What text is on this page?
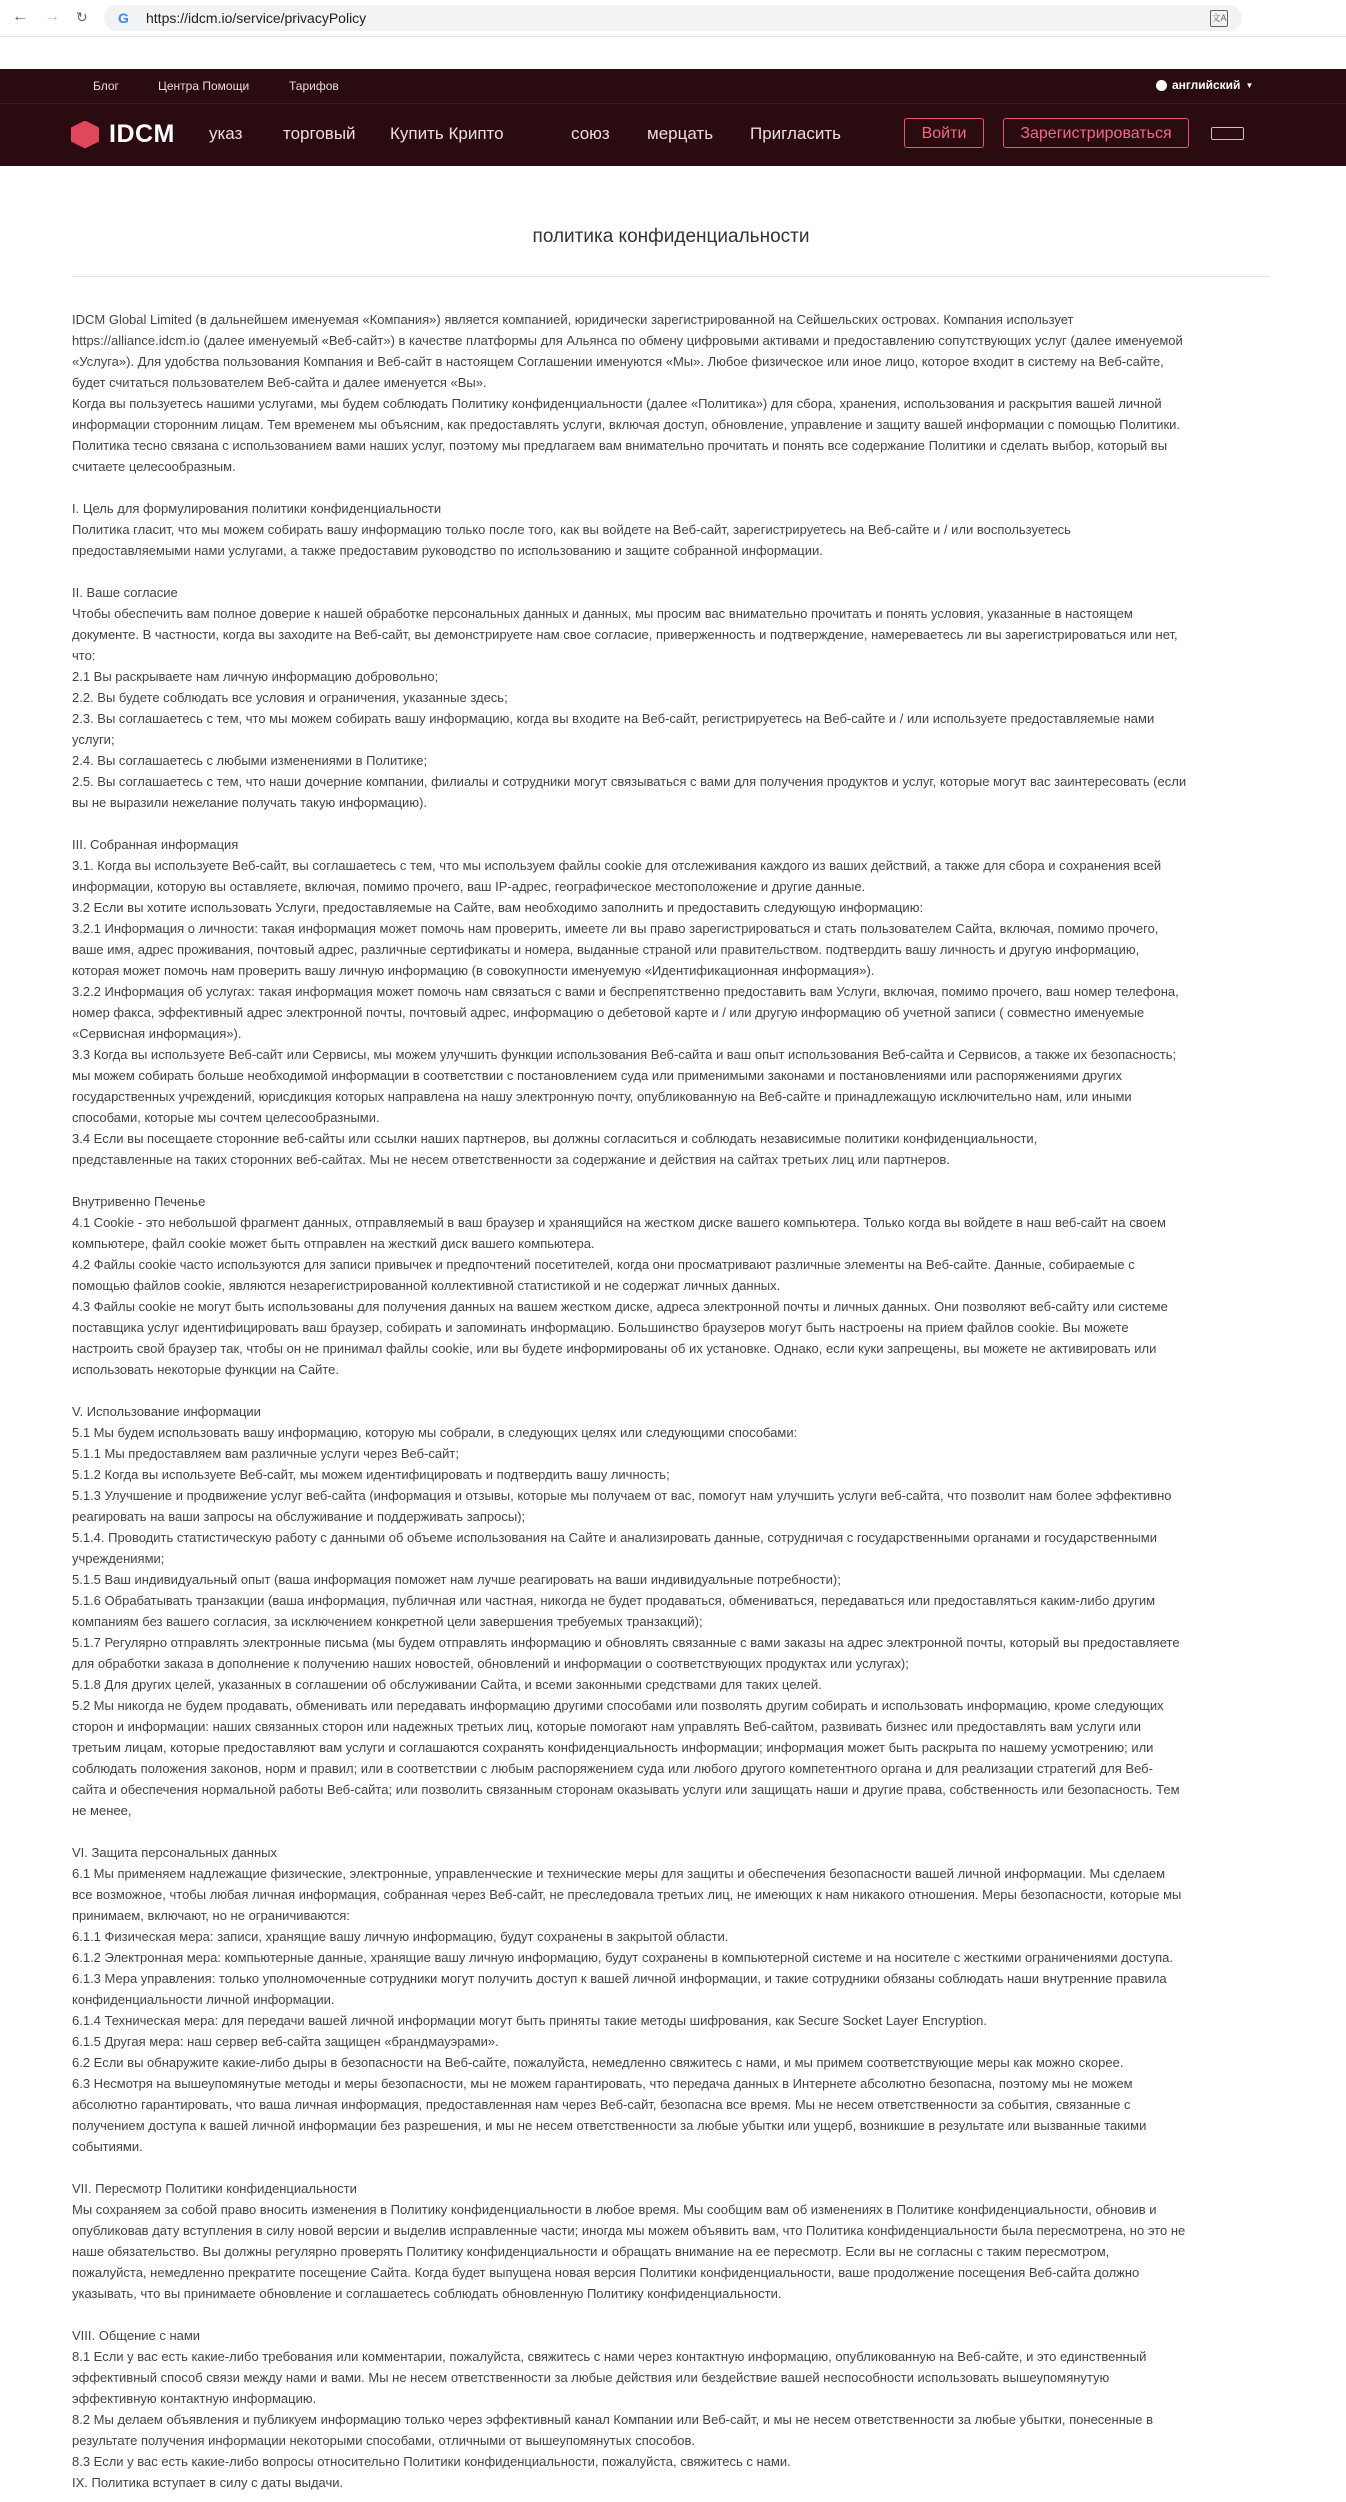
← → ↻ G	https://idcm.io/service/privacyPolicy	文A
Блог	Центра Помощи	Тарифов	английский ▼
IDCM указ торговый Купить Крипто	союз мерцать Пригласить	Войти	Зарегистрироваться
политика конфиденциальности

IDCM Global Limited (в дальнейшем именуемая «Компания») является компанией, юридически зарегистрированной на Сейшельских островах. Компания использует

https://alliance.idcm.io (далее именуемый «Веб-сайт») в качестве платформы для Альянса по обмену цифровыми активами и предоставлению сопутствующих услуг (далее именуемой

«Услуга»). Для удобства пользования Компания и Веб-сайт в настоящем Соглашении именуются «Мы». Любое физическое или иное лицо, которое входит в систему на Веб-сайте,

будет считаться пользователем Веб-сайта и далее именуется «Вы».

Когда вы пользуетесь нашими услугами, мы будем соблюдать Политику конфиденциальности (далее «Политика») для сбора, хранения, использования и раскрытия вашей личной

информации сторонним лицам. Тем временем мы объясним, как предоставлять услуги, включая доступ, обновление, управление и защиту вашей информации с помощью Политики.

Политика тесно связана с использованием вами наших услуг, поэтому мы предлагаем вам внимательно прочитать и понять все содержание Политики и сделать выбор, который вы

считаете целесообразным.

I. Цель для формулирования политики конфиденциальности

Политика гласит, что мы можем собирать вашу информацию только после того, как вы войдете на Веб-сайт, зарегистрируетесь на Веб-сайте и / или воспользуетесь

предоставляемыми нами услугами, а также предоставим руководство по использованию и защите собранной информации.

II. Ваше согласие

Чтобы обеспечить вам полное доверие к нашей обработке персональных данных и данных, мы просим вас внимательно прочитать и понять условия, указанные в настоящем

документе. В частности, когда вы заходите на Веб-сайт, вы демонстрируете нам свое согласие, приверженность и подтверждение, намереваетесь ли вы зарегистрироваться или нет,

что:

2.1 Вы раскрываете нам личную информацию добровольно;

2.2. Вы будете соблюдать все условия и ограничения, указанные здесь;

2.3. Вы соглашаетесь с тем, что мы можем собирать вашу информацию, когда вы входите на Веб-сайт, регистрируетесь на Веб-сайте и / или используете предоставляемые нами

услуги;

2.4. Вы соглашаетесь с любыми изменениями в Политике;

2.5. Вы соглашаетесь с тем, что наши дочерние компании, филиалы и сотрудники могут связываться с вами для получения продуктов и услуг, которые могут вас заинтересовать (если

вы не выразили нежелание получать такую информацию).

III. Собранная информация

3.1. Когда вы используете Веб-сайт, вы соглашаетесь с тем, что мы используем файлы cookie для отслеживания каждого из ваших действий, а также для сбора и сохранения всей

информации, которую вы оставляете, включая, помимо прочего, ваш IP-адрес, географическое местоположение и другие данные.

3.2 Если вы хотите использовать Услуги, предоставляемые на Сайте, вам необходимо заполнить и предоставить следующую информацию:

3.2.1 Информация о личности: такая информация может помочь нам проверить, имеете ли вы право зарегистрироваться и стать пользователем Сайта, включая, помимо прочего,

ваше имя, адрес проживания, почтовый адрес, различные сертификаты и номера, выданные страной или правительством. подтвердить вашу личность и другую информацию,

которая может помочь нам проверить вашу личную информацию (в совокупности именуемую «Идентификационная информация»).

3.2.2 Информация об услугах: такая информация может помочь нам связаться с вами и беспрепятственно предоставить вам Услуги, включая, помимо прочего, ваш номер телефона,

номер факса, эффективный адрес электронной почты, почтовый адрес, информацию о дебетовой карте и / или другую информацию об учетной записи ( совместно именуемые

«Сервисная информация»).

3.3 Когда вы используете Веб-сайт или Сервисы, мы можем улучшить функции использования Веб-сайта и ваш опыт использования Веб-сайта и Сервисов, а также их безопасность;

мы можем собирать больше необходимой информации в соответствии с постановлением суда или применимыми законами и постановлениями или распоряжениями других

государственных учреждений, юрисдикция которых направлена на нашу электронную почту, опубликованную на Веб-сайте и принадлежащую исключительно нам, или иными

способами, которые мы сочтем целесообразными.

3.4 Если вы посещаете сторонние веб-сайты или ссылки наших партнеров, вы должны согласиться и соблюдать независимые политики конфиденциальности,

представленные на таких сторонних веб-сайтах. Мы не несем ответственности за содержание и действия на сайтах третьих лиц или партнеров.

Внутривенно Печенье

4.1 Cookie - это небольшой фрагмент данных, отправляемый в ваш браузер и хранящийся на жестком диске вашего компьютера. Только когда вы войдете в наш веб-сайт на своем

компьютере, файл cookie может быть отправлен на жесткий диск вашего компьютера.

4.2 Файлы cookie часто используются для записи привычек и предпочтений посетителей, когда они просматривают различные элементы на Веб-сайте. Данные, собираемые с

помощью файлов cookie, являются незарегистрированной коллективной статистикой и не содержат личных данных.

4.3 Файлы cookie не могут быть использованы для получения данных на вашем жестком диске, адреса электронной почты и личных данных. Они позволяют веб-сайту или системе

поставщика услуг идентифицировать ваш браузер, собирать и запоминать информацию. Большинство браузеров могут быть настроены на прием файлов cookie. Вы можете

настроить свой браузер так, чтобы он не принимал файлы cookie, или вы будете информированы об их установке. Однако, если куки запрещены, вы можете не активировать или

использовать некоторые функции на Сайте.

V. Использование информации

5.1 Мы будем использовать вашу информацию, которую мы собрали, в следующих целях или следующими способами:

5.1.1 Мы предоставляем вам различные услуги через Веб-сайт;

5.1.2 Когда вы используете Веб-сайт, мы можем идентифицировать и подтвердить вашу личность;

5.1.3 Улучшение и продвижение услуг веб-сайта (информация и отзывы, которые мы получаем от вас, помогут нам улучшить услуги веб-сайта, что позволит нам более эффективно

реагировать на ваши запросы на обслуживание и поддерживать запросы);

5.1.4. Проводить статистическую работу с данными об объеме использования на Сайте и анализировать данные, сотрудничая с государственными органами и государственными

учреждениями;

5.1.5 Ваш индивидуальный опыт (ваша информация поможет нам лучше реагировать на ваши индивидуальные потребности);

5.1.6 Обрабатывать транзакции (ваша информация, публичная или частная, никогда не будет продаваться, обмениваться, передаваться или предоставляться каким-либо другим

компаниям без вашего согласия, за исключением конкретной цели завершения требуемых транзакций);

5.1.7 Регулярно отправлять электронные письма (мы будем отправлять информацию и обновлять связанные с вами заказы на адрес электронной почты, который вы предоставляете

для обработки заказа в дополнение к получению наших новостей, обновлений и информации о соответствующих продуктах или услугах);

5.1.8 Для других целей, указанных в соглашении об обслуживании Сайта, и всеми законными средствами для таких целей.

5.2 Мы никогда не будем продавать, обменивать или передавать информацию другими способами или позволять другим собирать и использовать информацию, кроме следующих

сторон и информации: наших связанных сторон или надежных третьих лиц, которые помогают нам управлять Веб-сайтом, развивать бизнес или предоставлять вам услуги или

третьим лицам, которые предоставляют вам услуги и соглашаются сохранять конфиденциальность информации; информация может быть раскрыта по нашему усмотрению; или

соблюдать положения законов, норм и правил; или в соответствии с любым распоряжением суда или любого другого компетентного органа и для реализации стратегий для Веб-

сайта и обеспечения нормальной работы Веб-сайта; или позволить связанным сторонам оказывать услуги или защищать наши и другие права, собственность или безопасность. Тем

не менее,

VI. Защита персональных данных

6.1 Мы применяем надлежащие физические, электронные, управленческие и технические меры для защиты и обеспечения безопасности вашей личной информации. Мы сделаем

все возможное, чтобы любая личная информация, собранная через Веб-сайт, не преследовала третьих лиц, не имеющих к нам никакого отношения. Меры безопасности, которые мы

принимаем, включают, но не ограничиваются:

6.1.1 Физическая мера: записи, хранящие вашу личную информацию, будут сохранены в закрытой области.

6.1.2 Электронная мера: компьютерные данные, хранящие вашу личную информацию, будут сохранены в компьютерной системе и на носителе с жесткими ограничениями доступа.

6.1.3 Мера управления: только уполномоченные сотрудники могут получить доступ к вашей личной информации, и такие сотрудники обязаны соблюдать наши внутренние правила

конфиденциальности личной информации.

6.1.4 Техническая мера: для передачи вашей личной информации могут быть приняты такие методы шифрования, как Secure Socket Layer Encryption.

6.1.5 Другая мера: наш сервер веб-сайта защищен «брандмауэрами».

6.2 Если вы обнаружите какие-либо дыры в безопасности на Веб-сайте, пожалуйста, немедленно свяжитесь с нами, и мы примем соответствующие меры как можно скорее.

6.3 Несмотря на вышеупомянутые методы и меры безопасности, мы не можем гарантировать, что передача данных в Интернете абсолютно безопасна, поэтому мы не можем

абсолютно гарантировать, что ваша личная информация, предоставленная нам через Веб-сайт, безопасна все время. Мы не несем ответственности за события, связанные с

получением доступа к вашей личной информации без разрешения, и мы не несем ответственности за любые убытки или ущерб, возникшие в результате или вызванные такими

событиями.

VII. Пересмотр Политики конфиденциальности

Мы сохраняем за собой право вносить изменения в Политику конфиденциальности в любое время. Мы сообщим вам об изменениях в Политике конфиденциальности, обновив и

опубликовав дату вступления в силу новой версии и выделив исправленные части; иногда мы можем объявить вам, что Политика конфиденциальности была пересмотрена, но это не

наше обязательство. Вы должны регулярно проверять Политику конфиденциальности и обращать внимание на ее пересмотр. Если вы не согласны с таким пересмотром,

пожалуйста, немедленно прекратите посещение Сайта. Когда будет выпущена новая версия Политики конфиденциальности, ваше продолжение посещения Веб-сайта должно

указывать, что вы принимаете обновление и соглашаетесь соблюдать обновленную Политику конфиденциальности.

VIII. Общение с нами

8.1 Если у вас есть какие-либо требования или комментарии, пожалуйста, свяжитесь с нами через контактную информацию, опубликованную на Веб-сайте, и это единственный

эффективный способ связи между нами и вами. Мы не несем ответственности за любые действия или бездействие вашей неспособности использовать вышеупомянутую

эффективную контактную информацию.

8.2 Мы делаем объявления и публикуем информацию только через эффективный канал Компании или Веб-сайт, и мы не несем ответственности за любые убытки, понесенные в

результате получения информации некоторыми способами, отличными от вышеупомянутых способов.

8.3 Если у вас есть какие-либо вопросы относительно Политики конфиденциальности, пожалуйста, свяжитесь с нами.

IX. Политика вступает в силу с даты выдачи.
